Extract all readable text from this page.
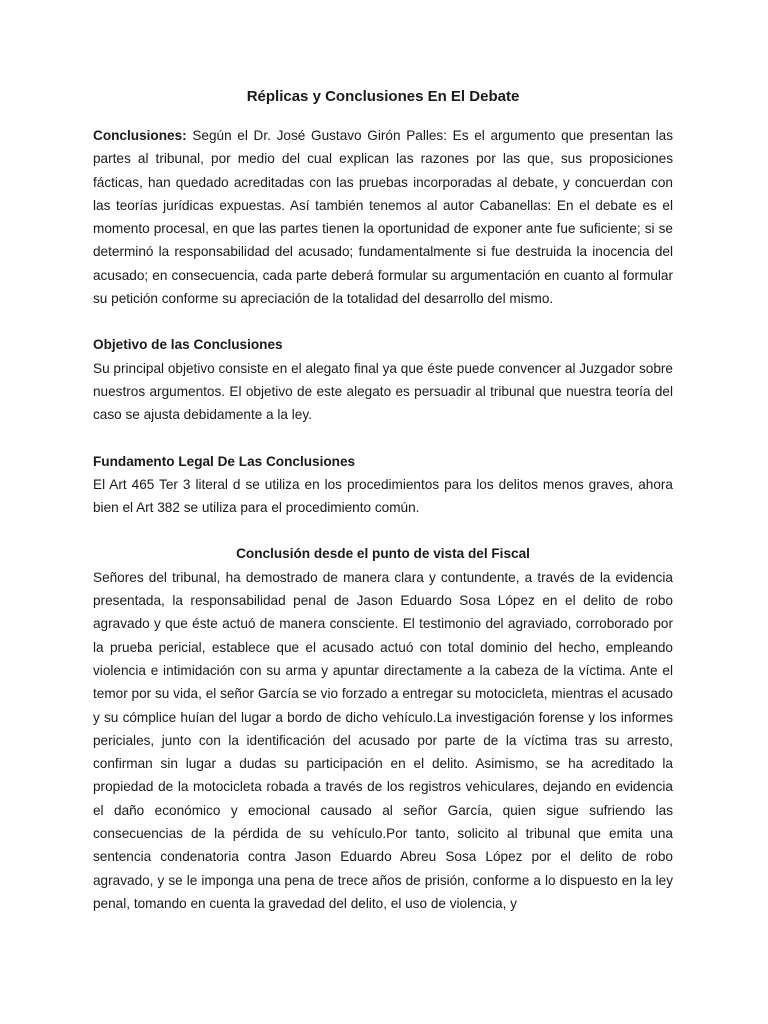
Réplicas y Conclusiones En El Debate

Conclusiones: Según el Dr. José Gustavo Girón Palles: Es el argumento que presentan las partes al tribunal, por medio del cual explican las razones por las que, sus proposiciones fácticas, han quedado acreditadas con las pruebas incorporadas al debate, y concuerdan con las teorías jurídicas expuestas. Así también tenemos al autor Cabanellas: En el debate es el momento procesal, en que las partes tienen la oportunidad de exponer ante fue suficiente; si se determinó la responsabilidad del acusado; fundamentalmente si fue destruida la inocencia del acusado; en consecuencia, cada parte deberá formular su argumentación en cuanto al formular su petición conforme su apreciación de la totalidad del desarrollo del mismo.

Objetivo de las Conclusiones

Su principal objetivo consiste en el alegato final ya que éste puede convencer al Juzgador sobre nuestros argumentos. El objetivo de este alegato es persuadir al tribunal que nuestra teoría del caso se ajusta debidamente a la ley.

Fundamento Legal De Las Conclusiones

El Art 465 Ter 3 literal d se utiliza en los procedimientos para los delitos menos graves, ahora bien el Art 382 se utiliza para el procedimiento común.

Conclusión desde el punto de vista del Fiscal

Señores del tribunal, ha demostrado de manera clara y contundente, a través de la evidencia presentada, la responsabilidad penal de Jason Eduardo Sosa López en el delito de robo agravado y que éste actuó de manera consciente. El testimonio del agraviado, corroborado por la prueba pericial, establece que el acusado actuó con total dominio del hecho, empleando violencia e intimidación con su arma y apuntar directamente a la cabeza de la víctima. Ante el temor por su vida, el señor García se vio forzado a entregar su motocicleta, mientras el acusado y su cómplice huían del lugar a bordo de dicho vehículo.La investigación forense y los informes periciales, junto con la identificación del acusado por parte de la víctima tras su arresto, confirman sin lugar a dudas su participación en el delito. Asimismo, se ha acreditado la propiedad de la motocicleta robada a través de los registros vehiculares, dejando en evidencia el daño económico y emocional causado al señor García, quien sigue sufriendo las consecuencias de la pérdida de su vehículo.Por tanto, solicito al tribunal que emita una sentencia condenatoria contra Jason Eduardo Abreu Sosa López por el delito de robo agravado, y se le imponga una pena de trece años de prisión, conforme a lo dispuesto en la ley penal, tomando en cuenta la gravedad del delito, el uso de violencia, y
